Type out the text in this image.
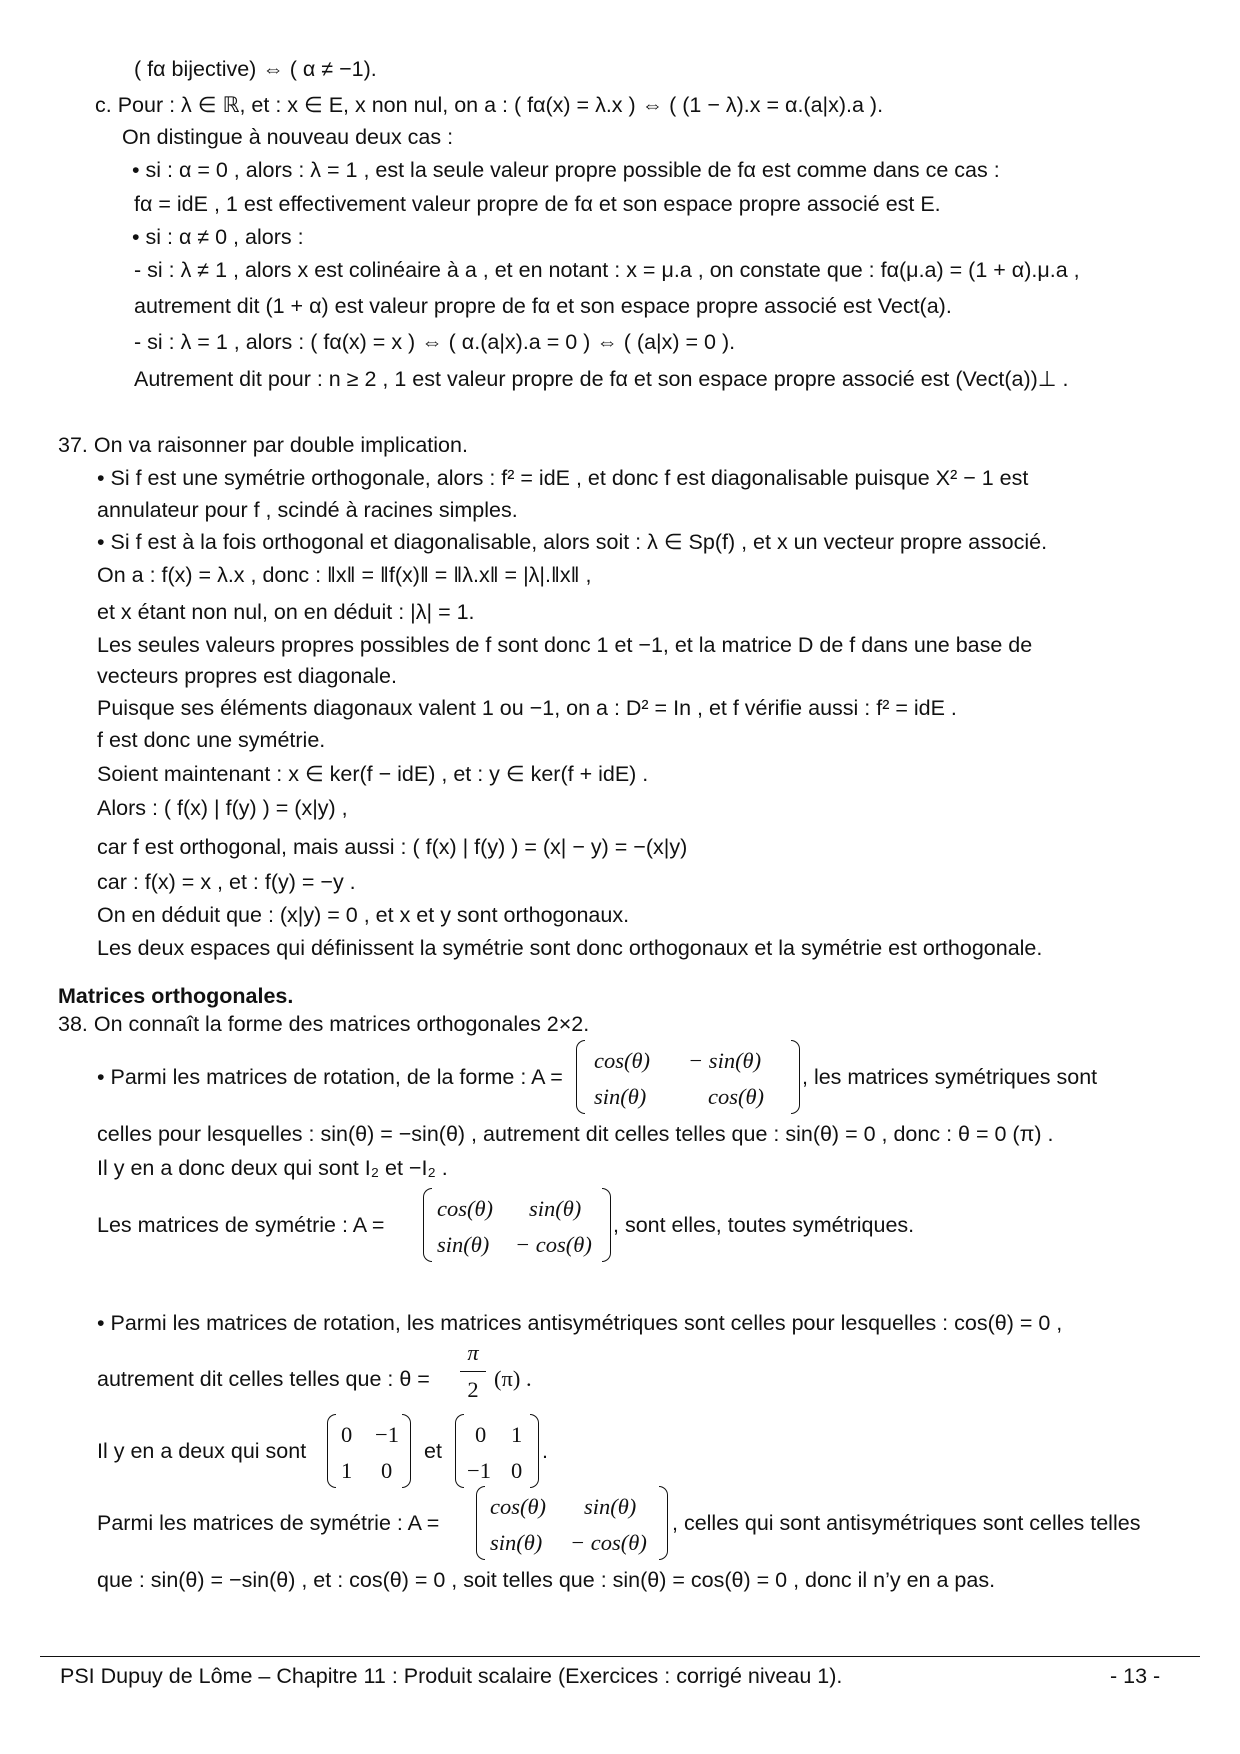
( fα bijective) ⇔ ( α ≠ −1).
c. Pour : λ ∈ ℝ, et : x ∈ E, x non nul, on a : ( fα(x) = λ.x ) ⇔ ( (1 − λ).x = α.(a|x).a ).
On distingue à nouveau deux cas :
• si : α = 0 , alors : λ = 1 , est la seule valeur propre possible de fα est comme dans ce cas :
fα = idE , 1 est effectivement valeur propre de fα et son espace propre associé est E.
• si : α ≠ 0 , alors :
- si : λ ≠ 1 , alors x est colinéaire à a , et en notant : x = μ.a , on constate que : fα(μ.a) = (1 + α).μ.a ,
autrement dit (1 + α) est valeur propre de fα et son espace propre associé est Vect(a).
- si : λ = 1 , alors : ( fα(x) = x ) ⇔ ( α.(a|x).a = 0 ) ⇔ ( (a|x) = 0 ).
Autrement dit pour : n ≥ 2 , 1 est valeur propre de fα et son espace propre associé est (Vect(a))⊥ .
37. On va raisonner par double implication.
• Si f est une symétrie orthogonale, alors : f² = idE , et donc f est diagonalisable puisque X² − 1 est
annulateur pour f , scindé à racines simples.
• Si f est à la fois orthogonal et diagonalisable, alors soit : λ ∈ Sp(f) , et x un vecteur propre associé.
On a : f(x) = λ.x , donc : ‖x‖ = ‖f(x)‖ = ‖λ.x‖ = |λ|.‖x‖ ,
et x étant non nul, on en déduit : |λ| = 1.
Les seules valeurs propres possibles de f sont donc 1 et −1, et la matrice D de f dans une base de
vecteurs propres est diagonale.
Puisque ses éléments diagonaux valent 1 ou −1, on a : D² = In , et f vérifie aussi : f² = idE .
f est donc une symétrie.
Soient maintenant : x ∈ ker(f − idE) , et : y ∈ ker(f + idE) .
Alors : ( f(x) | f(y) ) = (x|y) ,
car f est orthogonal, mais aussi : ( f(x) | f(y) ) = (x| − y) = −(x|y)
car : f(x) = x , et : f(y) = −y .
On en déduit que : (x|y) = 0 , et x et y sont orthogonaux.
Les deux espaces qui définissent la symétrie sont donc orthogonaux et la symétrie est orthogonale.
Matrices orthogonales.
38. On connaît la forme des matrices orthogonales 2×2.
• Parmi les matrices de rotation, de la forme : A =
cos(θ) − sin(θ)
sin(θ)	cos(θ)
, les matrices symétriques sont
celles pour lesquelles : sin(θ) = −sin(θ) , autrement dit celles telles que : sin(θ) = 0 , donc : θ = 0 (π) .
Il y en a donc deux qui sont I₂ et −I₂ .
Les matrices de symétrie : A =
cos(θ) sin(θ)
sin(θ) − cos(θ)
, sont elles, toutes symétriques.
• Parmi les matrices de rotation, les matrices antisymétriques sont celles pour lesquelles : cos(θ) = 0 ,
autrement dit celles telles que : θ =
π
2 (π) .
Il y en a deux qui sont
0 −1
1 0
et
0 1
−1 0
.
Parmi les matrices de symétrie : A =
cos(θ) sin(θ)
sin(θ) − cos(θ)
, celles qui sont antisymétriques sont celles telles
que : sin(θ) = −sin(θ) , et : cos(θ) = 0 , soit telles que : sin(θ) = cos(θ) = 0 , donc il n’y en a pas.
PSI Dupuy de Lôme – Chapitre 11 : Produit scalaire (Exercices : corrigé niveau 1).	- 13 -
